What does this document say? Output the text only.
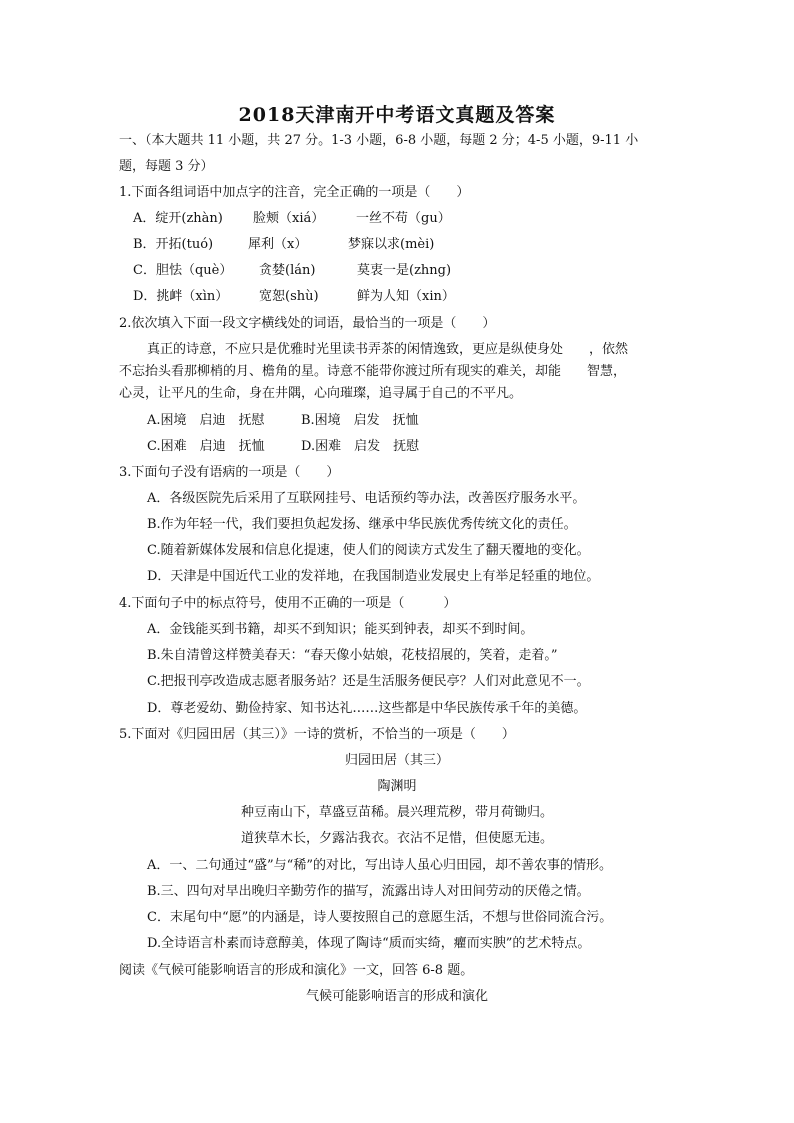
2018天津南开中考语文真题及答案
一、（本大题共 11 小题，共 27 分。1-3 小题，6-8 小题，每题 2 分；4-5 小题，9-11 小
题，每题 3 分）
1.下面各组词语中加点字的注音，完全正确的一项是（　　）
A．绽开(zhàn) 脸颊（xiá） 一丝不苟（gu）
B．开拓(tuó)	犀利（x）	梦寐以求(mèi)
C．胆怯（què） 贪婪(lán)	莫衷一是(zhng)
D．挑衅（xìn） 宽恕(shù)	鲜为人知（xin）
2.依次填入下面一段文字横线处的词语，最恰当的一项是（　　）
真正的诗意，不应只是优雅时光里读书弄茶的闲情逸致，更应是纵使身处　　，依然
不忘抬头看那柳梢的月、檐角的星。诗意不能带你渡过所有现实的难关，却能　　智慧，
心灵，让平凡的生命，身在井隅，心向璀璨，追寻属于自己的不平凡。
A.困境　启迪　抚慰	B.困境　启发　抚恤
C.困难　启迪　抚恤	D.困难　启发　抚慰
3.下面句子没有语病的一项是（　　）
A．各级医院先后采用了互联网挂号、电话预约等办法，改善医疗服务水平。
B.作为年轻一代，我们要担负起发扬、继承中华民族优秀传统文化的责任。
C.随着新媒体发展和信息化提速，使人们的阅读方式发生了翻天覆地的变化。
D．天津是中国近代工业的发祥地，在我国制造业发展史上有举足轻重的地位。
4.下面句子中的标点符号，使用不正确的一项是（　　　）
A．金钱能买到书籍，却买不到知识；能买到钟表，却买不到时间。
B.朱自清曾这样赞美春天：“春天像小姑娘，花枝招展的，笑着，走着。”
C.把报刊亭改造成志愿者服务站？还是生活服务便民亭？人们对此意见不一。
D．尊老爱幼、勤俭持家、知书达礼……这些都是中华民族传承千年的美德。
5.下面对《归园田居（其三）》一诗的赏析，不恰当的一项是（　　）
归园田居（其三）
陶渊明
种豆南山下，草盛豆苗稀。晨兴理荒秽，带月荷锄归。
道狭草木长，夕露沾我衣。衣沾不足惜，但使愿无违。
A．一、二句通过“盛”与“稀”的对比，写出诗人虽心归田园，却不善农事的情形。
B.三、四句对早出晚归辛勤劳作的描写，流露出诗人对田间劳动的厌倦之情。
C．末尾句中“愿”的内涵是，诗人要按照自己的意愿生活，不想与世俗同流合污。
D.全诗语言朴素而诗意醇美，体现了陶诗“质而实绮，癯而实腴”的艺术特点。
阅读《气候可能影响语言的形成和演化》一文，回答 6-8 题。
气候可能影响语言的形成和演化
